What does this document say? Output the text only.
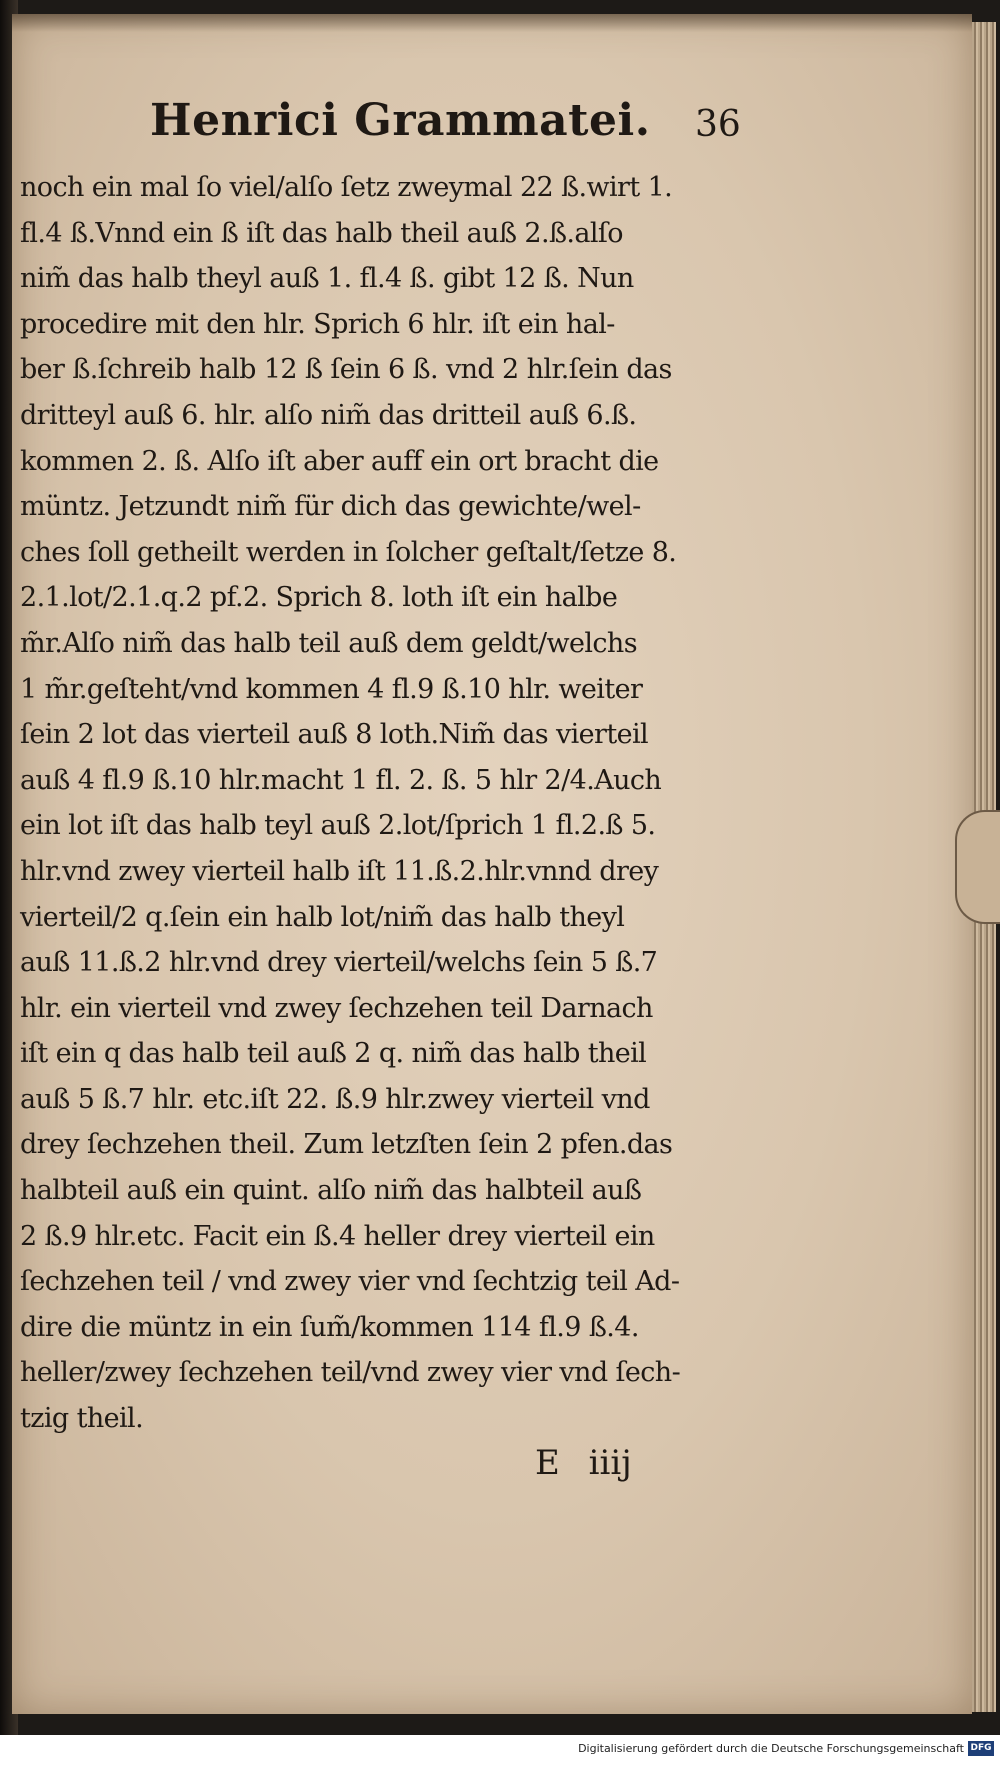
Henrici Grammatei.	36
noch ein mal ſo viel/alſo ſetz zweymal 22 ß.wirt 1.
fl.4 ß.Vnnd ein ß iſt das halb theil auß 2.ß.alſo
nim̃ das halb theyl auß 1. fl.4 ß. gibt 12 ß. Nun
procedire mit den hlr. Sprich 6 hlr. iſt ein hal-
ber ß.ſchreib halb 12 ß ſein 6 ß. vnd 2 hlr.ſein das
dritteyl auß 6. hlr. alſo nim̃ das dritteil auß 6.ß.
kommen 2. ß. Alſo iſt aber auff ein ort bracht die
müntz. Jetzundt nim̃ für dich das gewichte/wel-
ches ſoll getheilt werden in ſolcher geſtalt/ſetze 8.
2.1.lot/2.1.q.2 pf.2. Sprich 8. loth iſt ein halbe
m̃r.Alſo nim̃ das halb teil auß dem geldt/welchs
1 m̃r.geſteht/vnd kommen 4 fl.9 ß.10 hlr. weiter
ſein 2 lot das vierteil auß 8 loth.Nim̃ das vierteil
auß 4 fl.9 ß.10 hlr.macht 1 fl. 2. ß. 5 hlr 2/4.Auch
ein lot iſt das halb teyl auß 2.lot/ſprich 1 fl.2.ß 5.
hlr.vnd zwey vierteil halb iſt 11.ß.2.hlr.vnnd drey
vierteil/2 q.ſein ein halb lot/nim̃ das halb theyl
auß 11.ß.2 hlr.vnd drey vierteil/welchs ſein 5 ß.7
hlr. ein vierteil vnd zwey ſechzehen teil Darnach
iſt ein q das halb teil auß 2 q. nim̃ das halb theil
auß 5 ß.7 hlr. etc.iſt 22. ß.9 hlr.zwey vierteil vnd
drey ſechzehen theil. Zum letzſten ſein 2 pfen.das
halbteil auß ein quint. alſo nim̃ das halbteil auß
2 ß.9 hlr.etc. Facit ein ß.4 heller drey vierteil ein
ſechzehen teil / vnd zwey vier vnd ſechtzig teil Ad-
dire die müntz in ein ſum̃/kommen 114 fl.9 ß.4.
heller/zwey ſechzehen teil/vnd zwey vier vnd ſech-
tzig theil.
E iiij
Digitalisierung gefördert durch die Deutsche Forschungsgemeinschaft DFG
